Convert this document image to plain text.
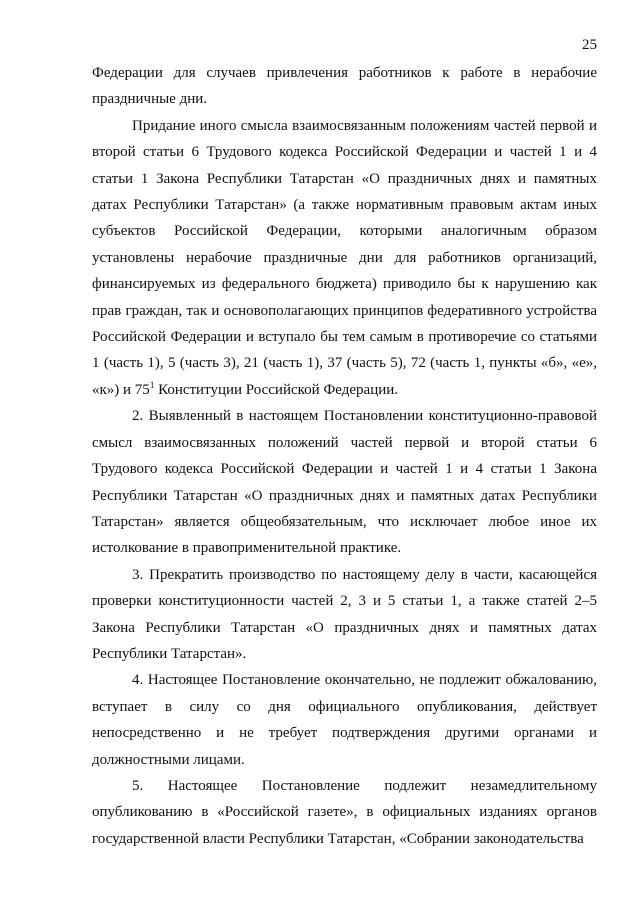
25

Федерации для случаев привлечения работников к работе в нерабочие праздничные дни.

Придание иного смысла взаимосвязанным положениям частей первой и второй статьи 6 Трудового кодекса Российской Федерации и частей 1 и 4 статьи 1 Закона Республики Татарстан «О праздничных днях и памятных датах Республики Татарстан» (а также нормативным правовым актам иных субъектов Российской Федерации, которыми аналогичным образом установлены нерабочие праздничные дни для работников организаций, финансируемых из федерального бюджета) приводило бы к нарушению как прав граждан, так и основополагающих принципов федеративного устройства Российской Федерации и вступало бы тем самым в противоречие со статьями 1 (часть 1), 5 (часть 3), 21 (часть 1), 37 (часть 5), 72 (часть 1, пункты «б», «е», «к») и $75^1$ Конституции Российской Федерации.

2. Выявленный в настоящем Постановлении конституционно-правовой смысл взаимосвязанных положений частей первой и второй статьи 6 Трудового кодекса Российской Федерации и частей 1 и 4 статьи 1 Закона Республики Татарстан «О праздничных днях и памятных датах Республики Татарстан» является общеобязательным, что исключает любое иное их истолкование в правоприменительной практике.

3. Прекратить производство по настоящему делу в части, касающейся проверки конституционности частей 2, 3 и 5 статьи 1, а также статей 2–5 Закона Республики Татарстан «О праздничных днях и памятных датах Республики Татарстан».

4. Настоящее Постановление окончательно, не подлежит обжалованию, вступает в силу со дня официального опубликования, действует непосредственно и не требует подтверждения другими органами и должностными лицами.

5. Настоящее Постановление подлежит незамедлительному опубликованию в «Российской газете», в официальных изданиях органов государственной власти Республики Татарстан, «Собрании законодательства
